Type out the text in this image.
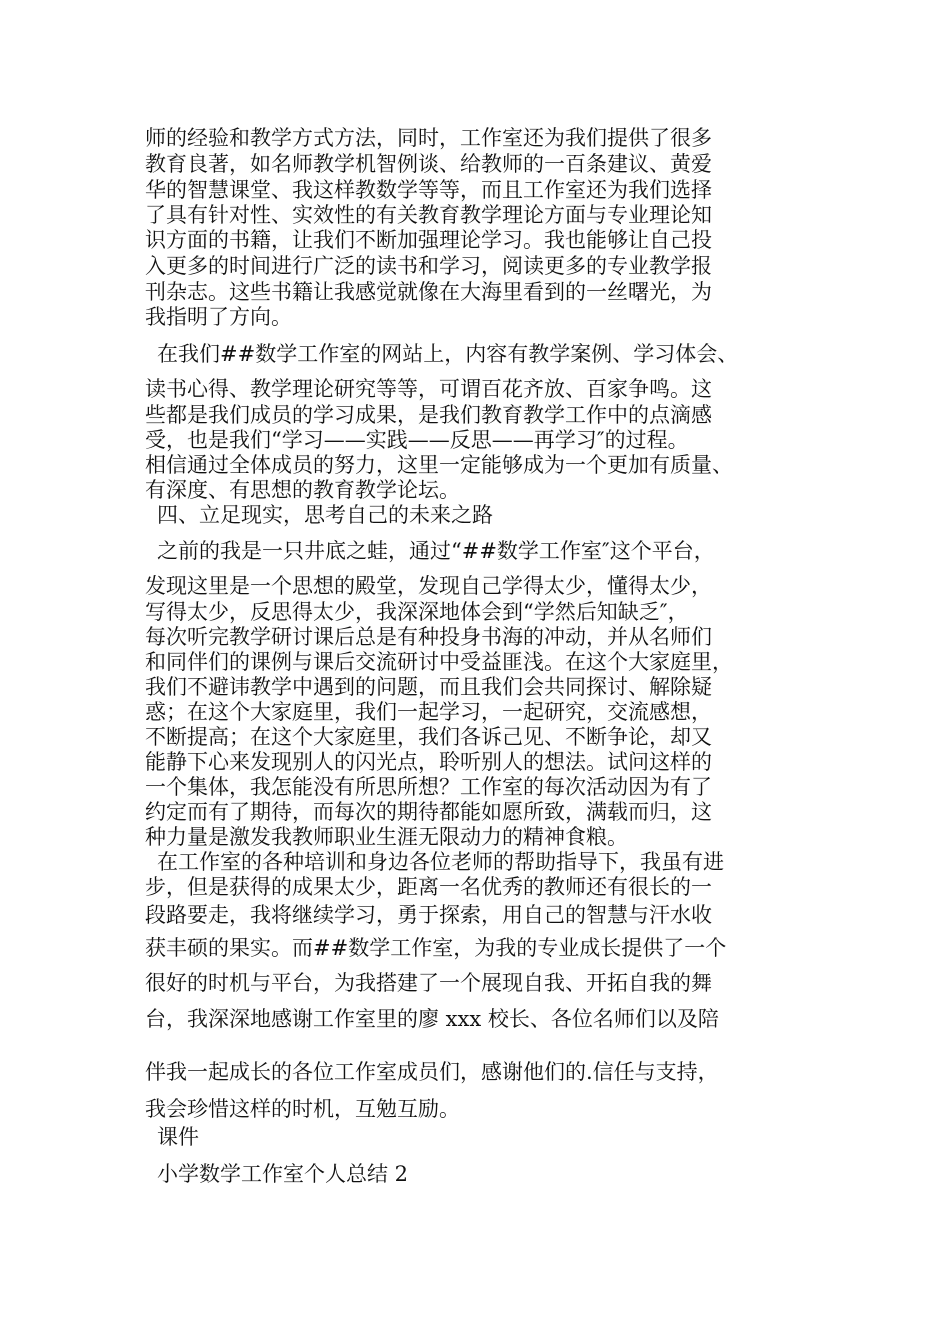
师的经验和教学方式方法，同时，工作室还为我们提供了很多
教育良著，如名师教学机智例谈、给教师的一百条建议、黄爱
华的智慧课堂、我这样教数学等等，而且工作室还为我们选择
了具有针对性、实效性的有关教育教学理论方面与专业理论知
识方面的书籍，让我们不断加强理论学习。我也能够让自己投
入更多的时间进行广泛的读书和学习，阅读更多的专业教学报
刊杂志。这些书籍让我感觉就像在大海里看到的一丝曙光，为
我指明了方向。
在我们##数学工作室的网站上，内容有教学案例、学习体会、
读书心得、教学理论研究等等，可谓百花齐放、百家争鸣。这
些都是我们成员的学习成果，是我们教育教学工作中的点滴感
受，也是我们“学习——实践——反思——再学习″的过程。
相信通过全体成员的努力，这里一定能够成为一个更加有质量、
有深度、有思想的教育教学论坛。
四、立足现实，思考自己的未来之路
之前的我是一只井底之蛙，通过“##数学工作室″这个平台，
发现这里是一个思想的殿堂，发现自己学得太少，懂得太少，
写得太少，反思得太少，我深深地体会到“学然后知缺乏″，
每次听完教学研讨课后总是有种投身书海的冲动，并从名师们
和同伴们的课例与课后交流研讨中受益匪浅。在这个大家庭里，
我们不避讳教学中遇到的问题，而且我们会共同探讨、解除疑
惑；在这个大家庭里，我们一起学习，一起研究，交流感想，
不断提高；在这个大家庭里，我们各诉己见、不断争论，却又
能静下心来发现别人的闪光点，聆听别人的想法。试问这样的
一个集体，我怎能没有所思所想？工作室的每次活动因为有了
约定而有了期待，而每次的期待都能如愿所致，满载而归，这
种力量是激发我教师职业生涯无限动力的精神食粮。
在工作室的各种培训和身边各位老师的帮助指导下，我虽有进
步，但是获得的成果太少，距离一名优秀的教师还有很长的一
段路要走，我将继续学习，勇于探索，用自己的智慧与汗水收
获丰硕的果实。而##数学工作室，为我的专业成长提供了一个
很好的时机与平台，为我搭建了一个展现自我、开拓自我的舞
台，我深深地感谢工作室里的廖 xxx 校长、各位名师们以及陪
伴我一起成长的各位工作室成员们，感谢他们的.信任与支持，
我会珍惜这样的时机，互勉互励。
课件
小学数学工作室个人总结 2
